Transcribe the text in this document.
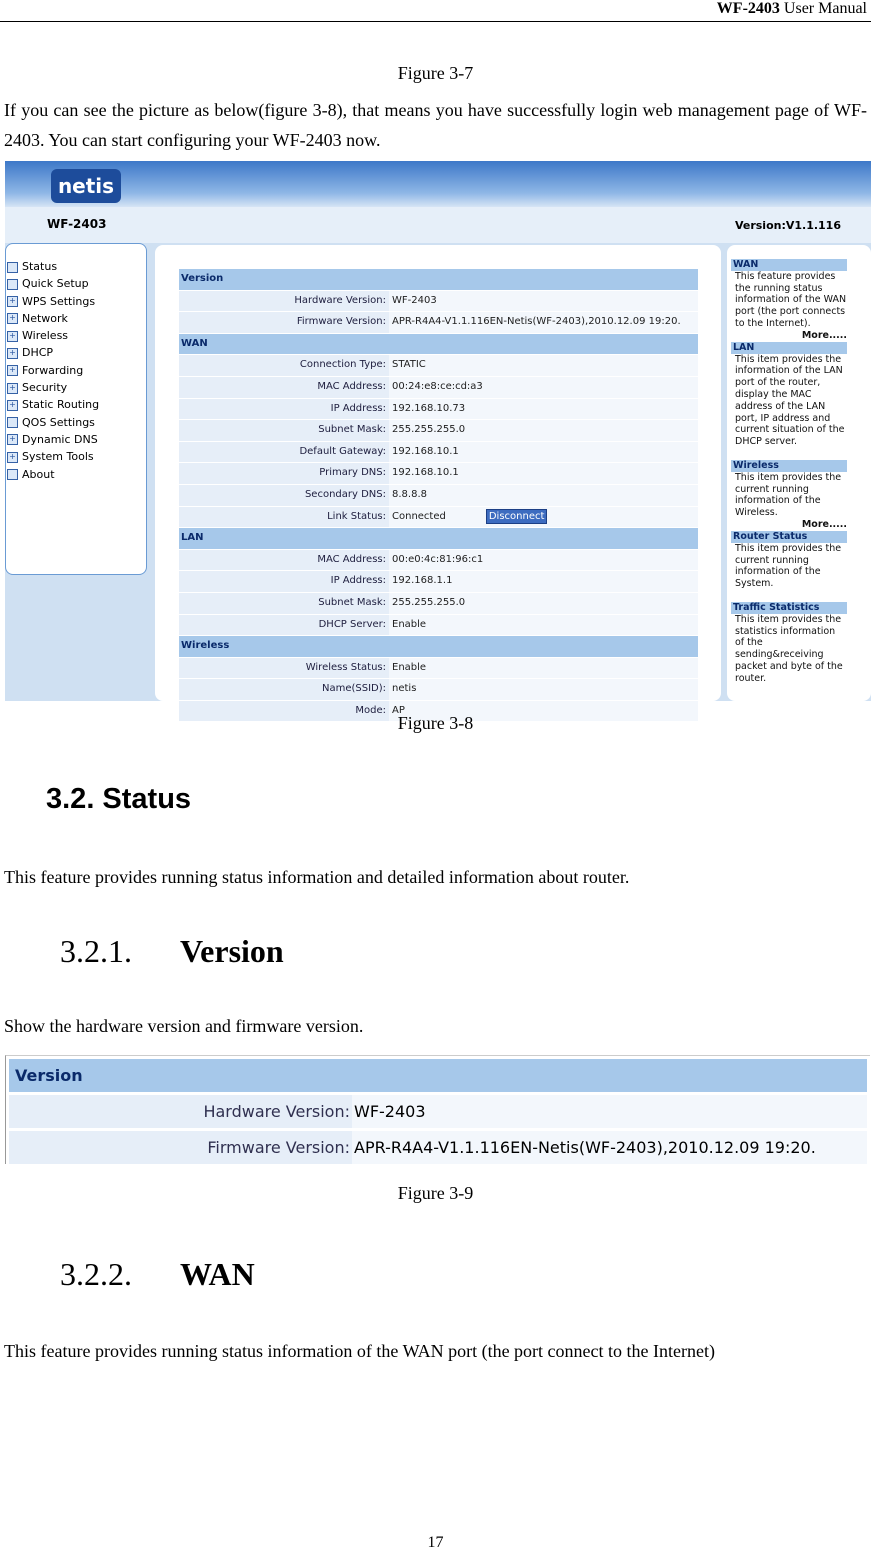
WF-2403 User Manual
Figure 3-7
If you can see the picture as below(figure 3-8), that means you have successfully login web management page of WF-2403. You can start configuring your WF-2403 now.
netis
WF-2403	Version:V1.1.116
Status
Quick Setup
+ WPS Settings
+ Network
+ Wireless
+ DHCP
+ Forwarding
+ Security
+ Static Routing
QOS Settings
+ Dynamic DNS
+ System Tools
About
Version
Hardware Version: WF-2403
Firmware Version: APR-R4A4-V1.1.116EN-Netis(WF-2403),2010.12.09 19:20.
WAN
Connection Type: STATIC
MAC Address: 00:24:e8:ce:cd:a3
IP Address: 192.168.10.73
Subnet Mask: 255.255.255.0
Default Gateway: 192.168.10.1
Primary DNS: 192.168.10.1
Secondary DNS: 8.8.8.8
Link Status: Connected	Disconnect
LAN
MAC Address: 00:e0:4c:81:96:c1
IP Address: 192.168.1.1
Subnet Mask: 255.255.255.0
DHCP Server: Enable
Wireless
Wireless Status: Enable
Name(SSID): netis
Mode: AP
WAN

This feature provides the running status information of the WAN port (the port connects to the Internet).

More.....
LAN

This item provides the information of the LAN port of the router, display the MAC address of the LAN port, IP address and current situation of the DHCP server.

Wireless

This item provides the current running information of the Wireless.

More.....
Router Status

This item provides the current running information of the System.

Traffic Statistics

This item provides the statistics information of the sending&receiving packet and byte of the router.

Figure 3-8
3.2. Status
This feature provides running status information and detailed information about router.
3.2.1. Version
Show the hardware version and firmware version.
Version
Hardware Version: WF-2403
Firmware Version: APR-R4A4-V1.1.116EN-Netis(WF-2403),2010.12.09 19:20.
Figure 3-9
3.2.2. WAN
This feature provides running status information of the WAN port (the port connect to the Internet)
17
